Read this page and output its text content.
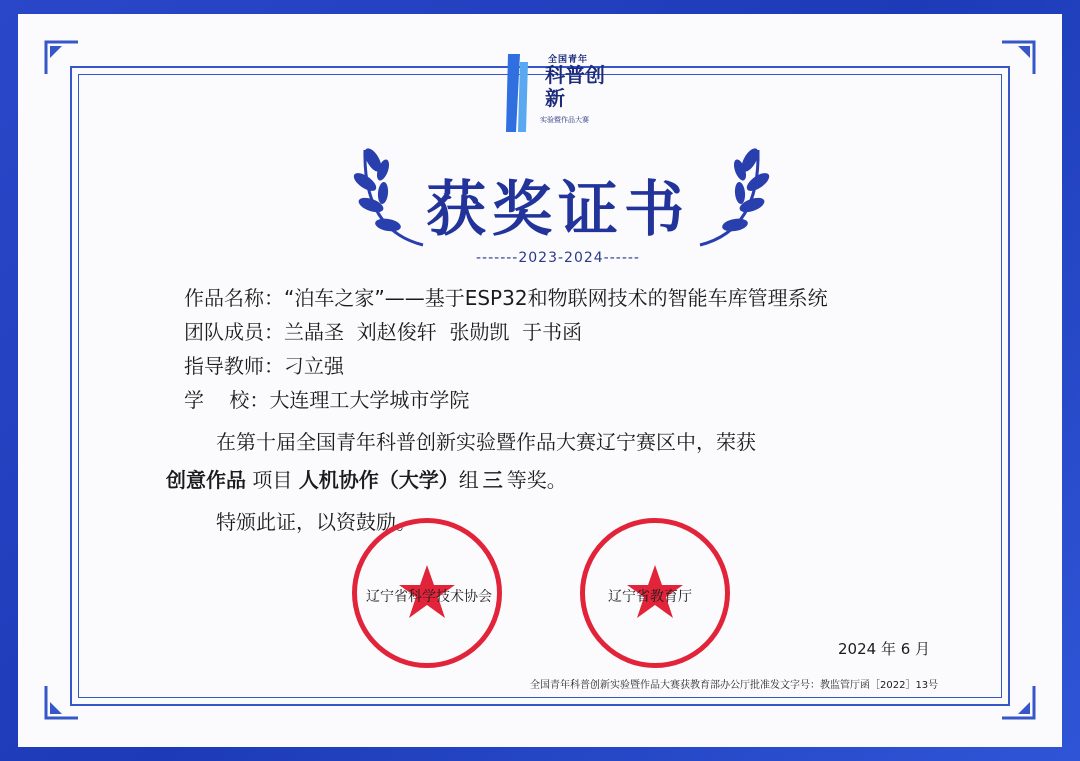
全国青年
科普创新
实验暨作品大赛
获奖证书
-------2023-2024------
作品名称：“泊车之家”——基于ESP32和物联网技术的智能车库管理系统
团队成员：兰晶圣  刘赵俊轩  张勋凯  于书函
指导教师：刁立强
学    校：大连理工大学城市学院
在第十届全国青年科普创新实验暨作品大赛辽宁赛区中，荣获
创意作品 项目 人机协作（大学）组 三 等奖。
特颁此证，以资鼓励。
辽宁省科学技术协会	辽宁省教育厅
2024 年 6 月
全国青年科普创新实验暨作品大赛获教育部办公厅批准发文字号：教监管厅函［2022］13号
